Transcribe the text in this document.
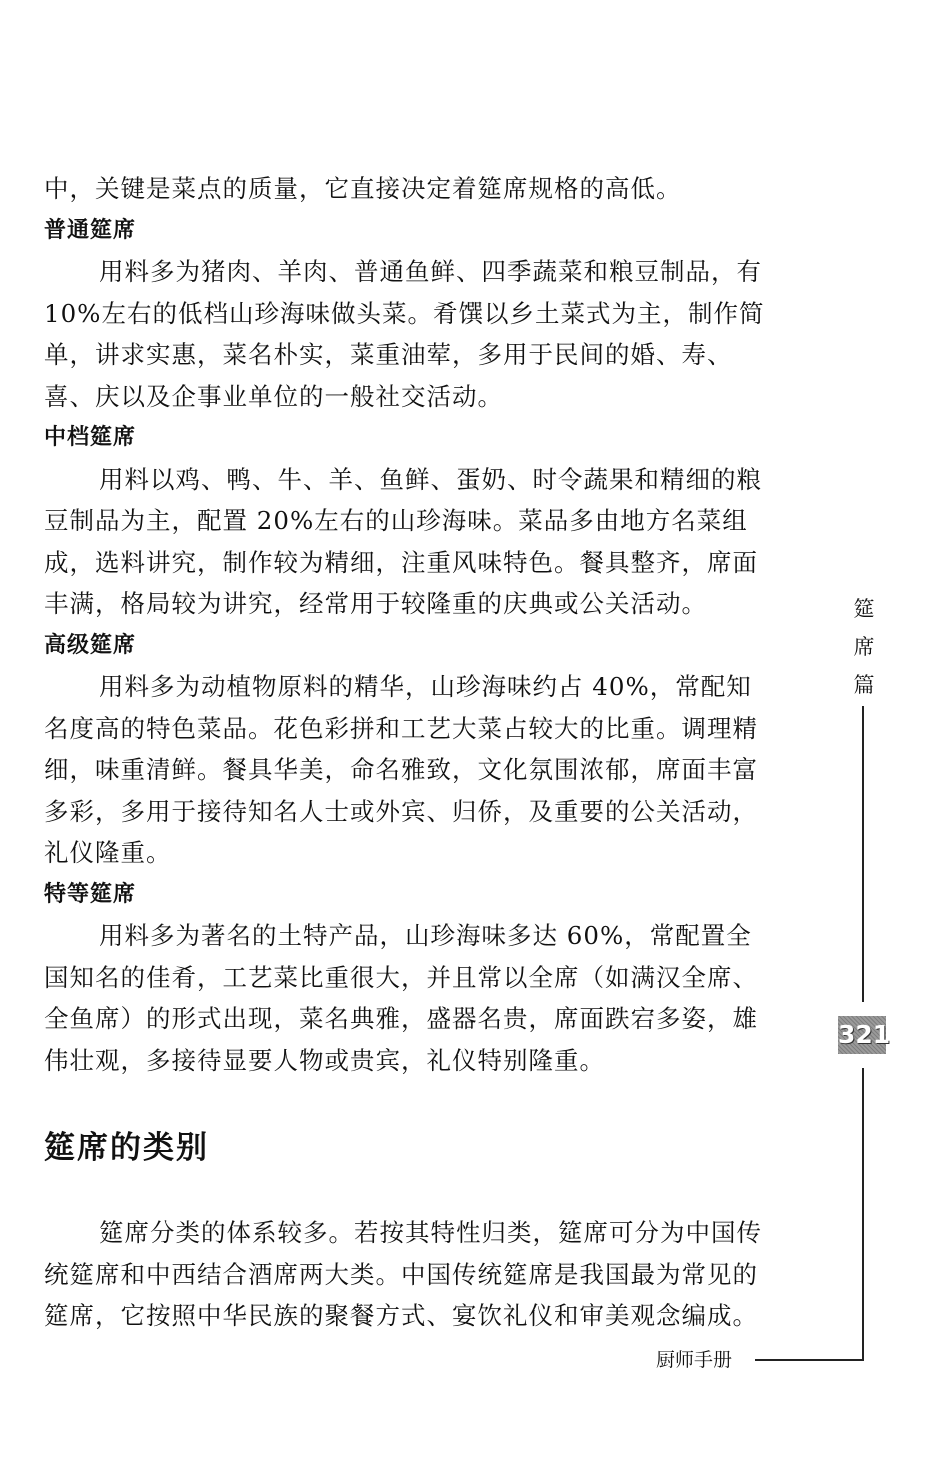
中，关键是菜点的质量，它直接决定着筵席规格的高低。
普通筵席
用料多为猪肉、羊肉、普通鱼鲜、四季蔬菜和粮豆制品，有
10%左右的低档山珍海味做头菜。肴馔以乡土菜式为主，制作简
单，讲求实惠，菜名朴实，菜重油荤，多用于民间的婚、寿、
喜、庆以及企事业单位的一般社交活动。
中档筵席
用料以鸡、鸭、牛、羊、鱼鲜、蛋奶、时令蔬果和精细的粮
豆制品为主，配置 20%左右的山珍海味。菜品多由地方名菜组
成，选料讲究，制作较为精细，注重风味特色。餐具整齐，席面
丰满，格局较为讲究，经常用于较隆重的庆典或公关活动。
高级筵席
用料多为动植物原料的精华，山珍海味约占 40%，常配知
名度高的特色菜品。花色彩拼和工艺大菜占较大的比重。调理精
细，味重清鲜。餐具华美，命名雅致，文化氛围浓郁，席面丰富
多彩，多用于接待知名人士或外宾、归侨，及重要的公关活动，
礼仪隆重。
特等筵席
用料多为著名的土特产品，山珍海味多达 60%，常配置全
国知名的佳肴，工艺菜比重很大，并且常以全席（如满汉全席、
全鱼席）的形式出现，菜名典雅，盛器名贵，席面跌宕多姿，雄
伟壮观，多接待显要人物或贵宾，礼仪特别隆重。
筵席的类别
筵席分类的体系较多。若按其特性归类，筵席可分为中国传
统筵席和中西结合酒席两大类。中国传统筵席是我国最为常见的
筵席，它按照中华民族的聚餐方式、宴饮礼仪和审美观念编成。
筵
席
篇
321
厨师手册
